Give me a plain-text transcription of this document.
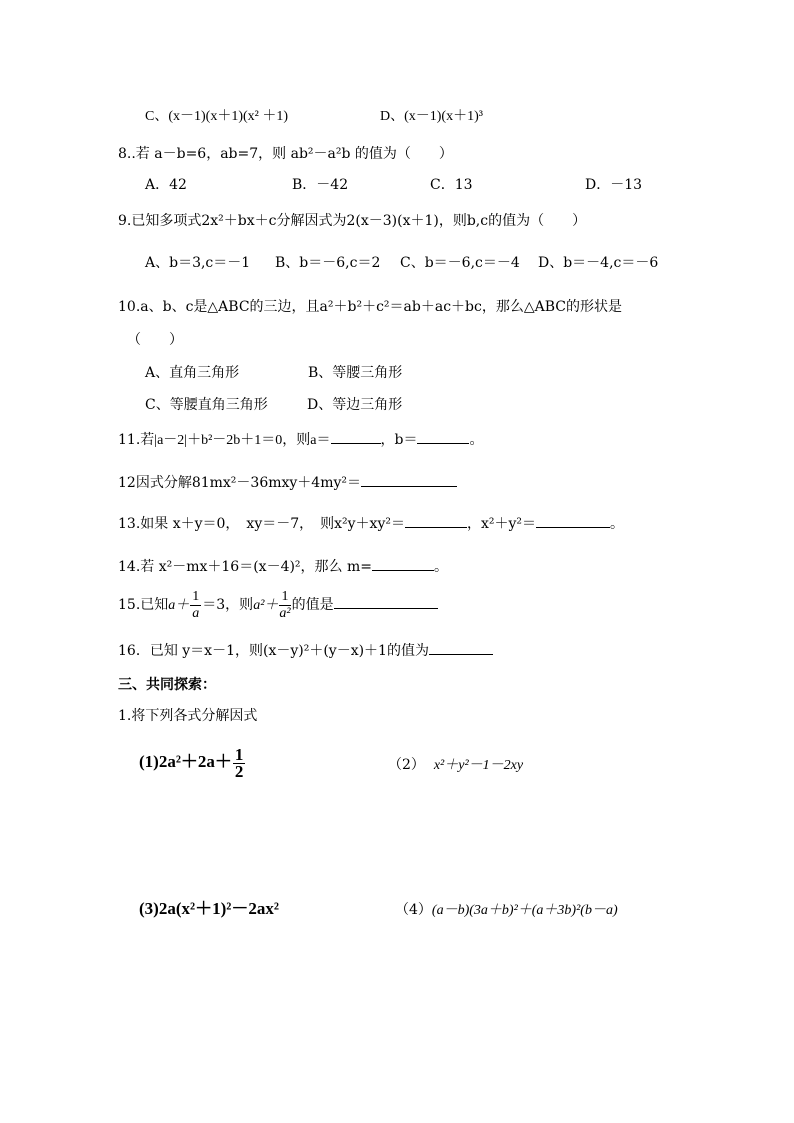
C、(x－1)(x＋1)(x² ＋1)	D、(x－1)(x＋1)³
8..若 a－b=6，ab=7，则 ab²－a²b 的值为（　　）
A．42	B．－42	C．13	D．－13
9.已知多项式2x²＋bx＋c分解因式为2(x－3)(x＋1)，则b,c的值为（　　）
A、b＝3,c＝－1 B、b＝－6,c＝2 C、b＝－6,c＝－4 D、b＝－4,c＝－6
10.a、b、c是△ABC的三边，且a²＋b²＋c²＝ab＋ac＋bc，那么△ABC的形状是
（　　）
A、直角三角形	B、等腰三角形
C、等腰直角三角形	D、等边三角形
11.若|a－2|＋b²－2b＋1＝0，则a＝	，b＝	。
12因式分解81mx²－36mxy＋4my²＝
13.如果 x＋y＝0，　xy＝－7，　则x²y＋xy²＝	，x²＋y²＝	。
14.若 x²－mx＋16＝(x－4)²，那么 m=	。
15.已知$a+ \frac{1}{a} =3$，则$a^2+ \frac{1}{\text{a²}}$ 的值是
16．已知 y＝x－1，则(x－y)²＋(y－x)＋1的值为
三、共同探索：
1.将下列各式分解因式
$(1)2a^2+2a+ \frac{1}{2}$	（2） x²＋y²－1－2xy
(3)2a(x²＋1)²－2ax²	（4）(a－b)(3a＋b)²＋(a＋3b)²(b－a)
